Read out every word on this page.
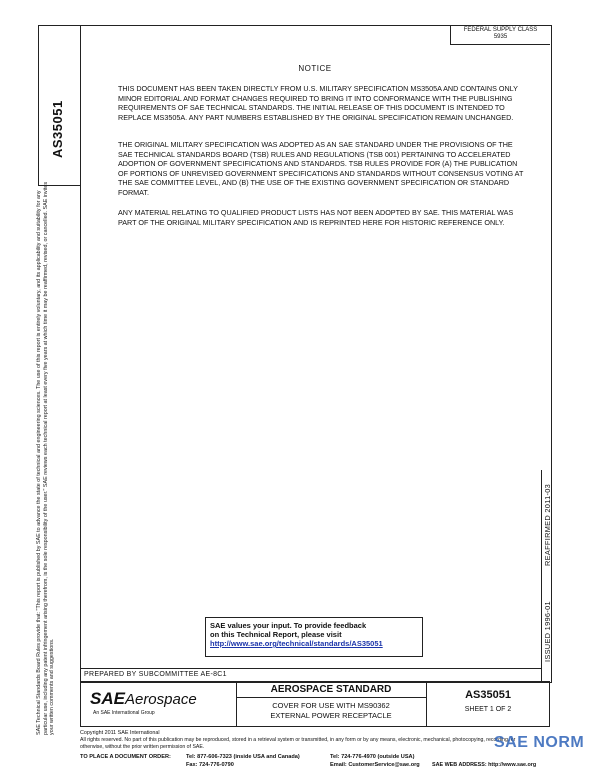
SAE Technical Standards Board Rules provide that: "This report is published by SAE to advance the state of technical and engineering sciences. The use of this report is entirely voluntary, and its applicability and suitability for any particular use, including any patent infringement arising therefrom, is the sole responsibility of the user." SAE reviews each technical report at least every five years at which time it may be reaffirmed, revised, or cancelled. SAE invites your written comments and suggestions.
AS35051
FEDERAL SUPPLY CLASS
5935
NOTICE
THIS DOCUMENT HAS BEEN TAKEN DIRECTLY FROM U.S. MILITARY SPECIFICATION MS3505A AND CONTAINS ONLY MINOR EDITORIAL AND FORMAT CHANGES REQUIRED TO BRING IT INTO CONFORMANCE WITH THE PUBLISHING REQUIREMENTS OF SAE TECHNICAL STANDARDS. THE INITIAL RELEASE OF THIS DOCUMENT IS INTENDED TO REPLACE MS3505A. ANY PART NUMBERS ESTABLISHED BY THE ORIGINAL SPECIFICATION REMAIN UNCHANGED.
THE ORIGINAL MILITARY SPECIFICATION WAS ADOPTED AS AN SAE STANDARD UNDER THE PROVISIONS OF THE SAE TECHNICAL STANDARDS BOARD (TSB) RULES AND REGULATIONS (TSB 001) PERTAINING TO ACCELERATED ADOPTION OF GOVERNMENT SPECIFICATIONS AND STANDARDS. TSB RULES PROVIDE FOR (A) THE PUBLICATION OF PORTIONS OF UNREVISED GOVERNMENT SPECIFICATIONS AND STANDARDS WITHOUT CONSENSUS VOTING AT THE SAE COMMITTEE LEVEL, AND (B) THE USE OF THE EXISTING GOVERNMENT SPECIFICATION OR STANDARD FORMAT.
ANY MATERIAL RELATING TO QUALIFIED PRODUCT LISTS HAS NOT BEEN ADOPTED BY SAE. THIS MATERIAL WAS PART OF THE ORIGINAL MILITARY SPECIFICATION AND IS REPRINTED HERE FOR HISTORIC REFERENCE ONLY.
ISSUED 1996-01
REAFFIRMED 2011-03
SAE values your input. To provide feedback
on this Technical Report, please visit
http://www.sae.org/technical/standards/AS35051
PREPARED BY SUBCOMMITTEE AE-8C1
SAEAerospace
An SAE International Group
AEROSPACE STANDARD
COVER FOR USE WITH MS90362
EXTERNAL POWER RECEPTACLE
AS35051
SHEET 1 OF 2
Copyright 2011 SAE International
All rights reserved. No part of this publication may be reproduced, stored in a retrieval system or transmitted, in any form or by any means, electronic, mechanical, photocopying, recording, or otherwise, without the prior written permission of SAE.
TO PLACE A DOCUMENT ORDER:	Tel: 877-606-7323 (inside USA and Canada)	Tel: 724-776-4970 (outside USA)
Fax: 724-776-0790	Email: CustomerService@sae.org SAE WEB ADDRESS: http://www.sae.org
SAE NORM
